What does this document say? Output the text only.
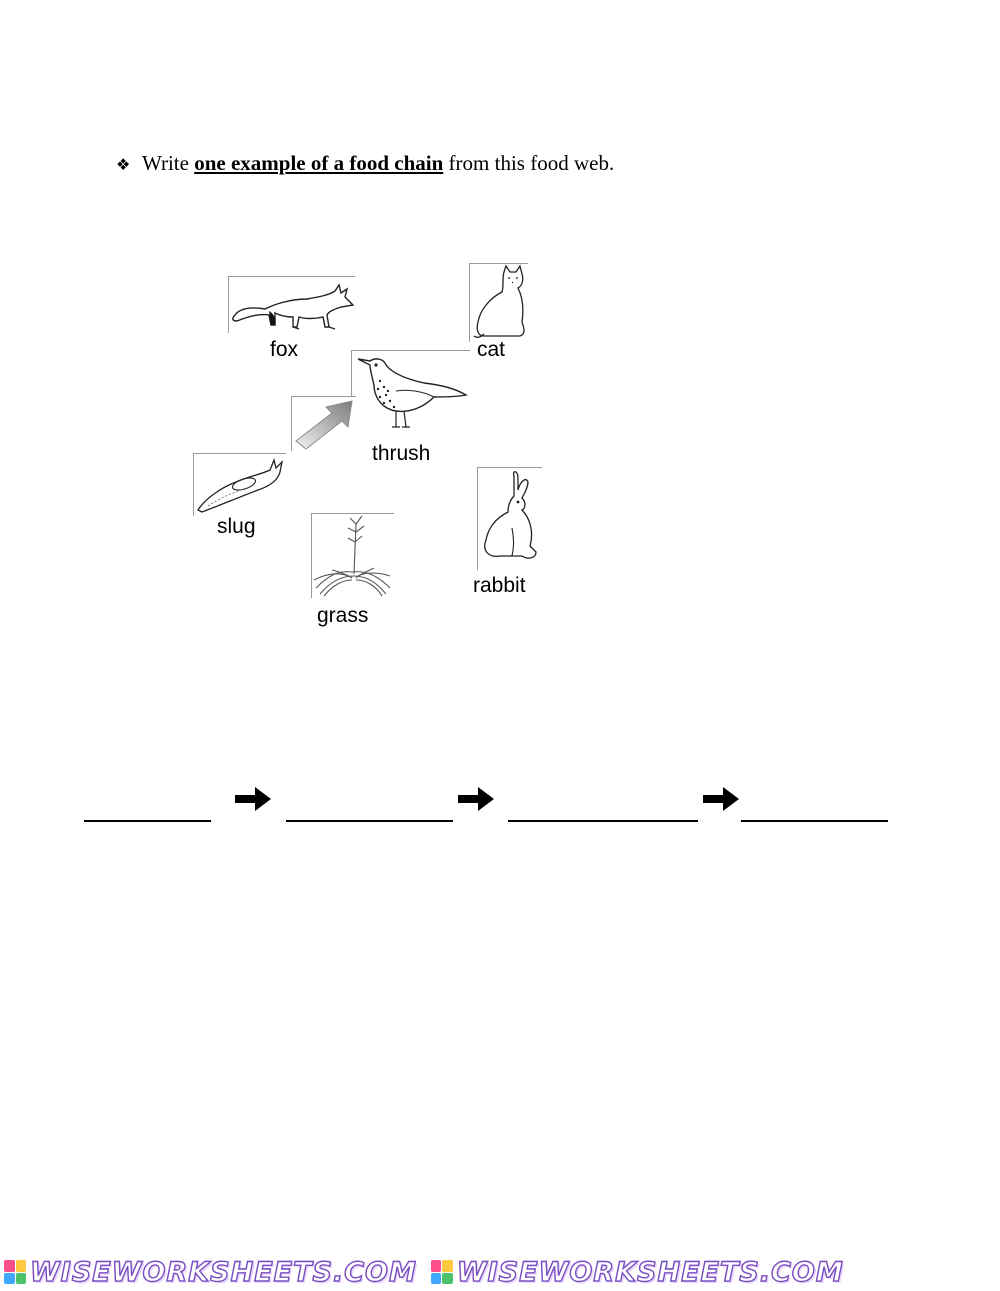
❖ Write one example of a food chain from this food web.
fox	cat
thrush
slug
rabbit
grass
WISEWORKSHEETS.COM WISEWORKSHEETS.COM
